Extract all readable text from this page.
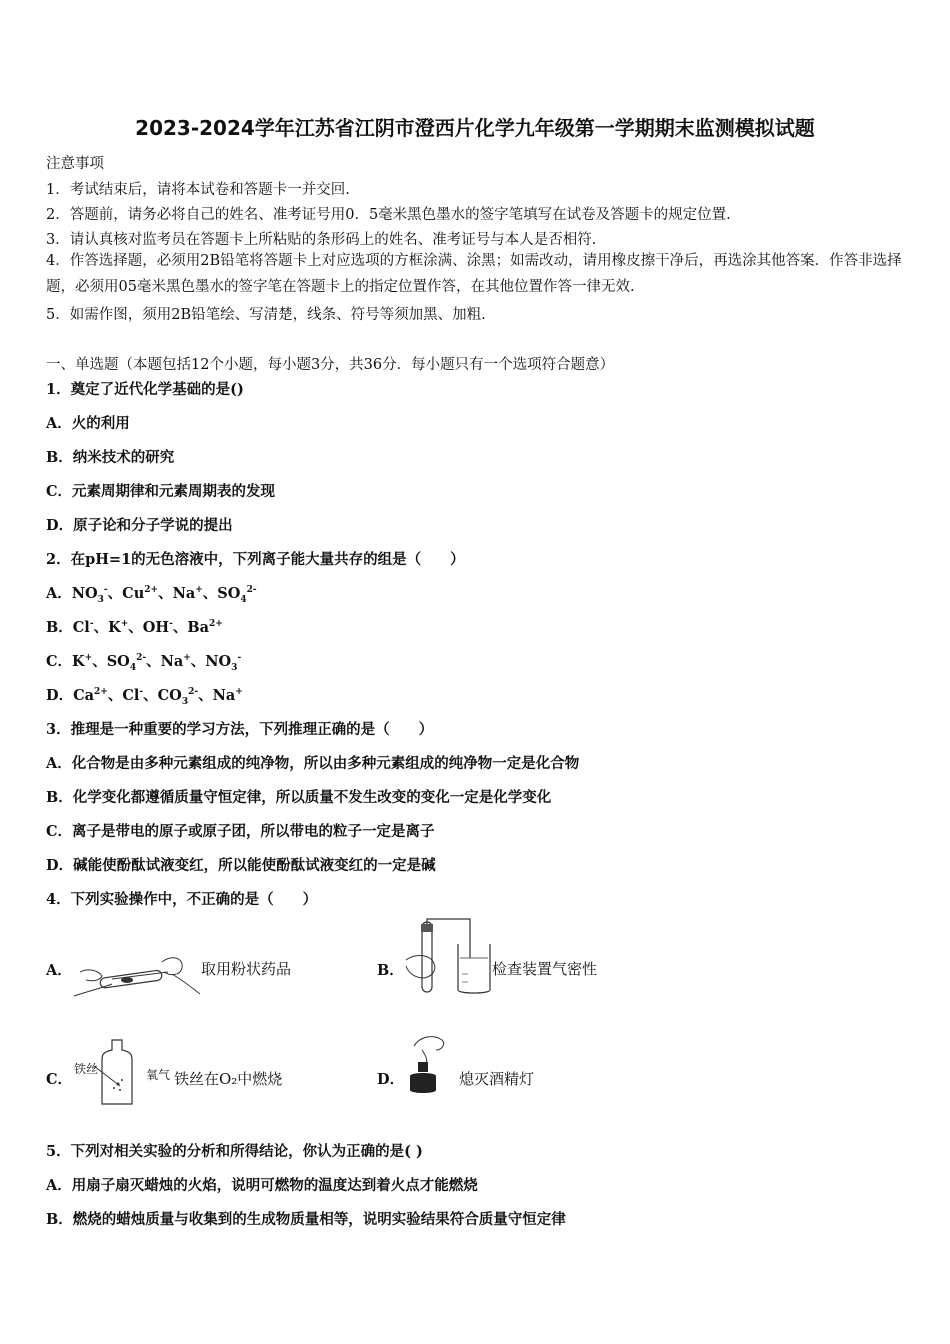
2023-2024学年江苏省江阴市澄西片化学九年级第一学期期末监测模拟试题
注意事项
1．考试结束后，请将本试卷和答题卡一并交回.
2．答题前，请务必将自己的姓名、准考证号用0．5毫米黑色墨水的签字笔填写在试卷及答题卡的规定位置.
3．请认真核对监考员在答题卡上所粘贴的条形码上的姓名、准考证号与本人是否相符.
4．作答选择题，必须用2B铅笔将答题卡上对应选项的方框涂满、涂黑；如需改动，请用橡皮擦干净后，再选涂其他答案．作答非选择题，必须用05毫米黑色墨水的签字笔在答题卡上的指定位置作答，在其他位置作答一律无效.
5．如需作图，须用2B铅笔绘、写清楚，线条、符号等须加黑、加粗.
一、单选题（本题包括12个小题，每小题3分，共36分．每小题只有一个选项符合题意）
1．奠定了近代化学基础的是()
A．火的利用
B．纳米技术的研究
C．元素周期律和元素周期表的发现
D．原子论和分子学说的提出
2．在pH=1的无色溶液中，下列离子能大量共存的组是（　　）
A．$NO_3^-$、$Cu^{2+}$、Na+、$SO_4^{2-}$
B．Cl-、K+、OH-、$Ba^{2+}$
C．K+、$SO_4^{2-}$、Na+、$NO_3^-$
D．$Ca^{2+}$、Cl-、$CO_3^{2-}$、Na+
3．推理是一种重要的学习方法，下列推理正确的是（　　）
A．化合物是由多种元素组成的纯净物，所以由多种元素组成的纯净物一定是化合物
B．化学变化都遵循质量守恒定律，所以质量不发生改变的变化一定是化学变化
C．离子是带电的原子或原子团，所以带电的粒子一定是离子
D．碱能使酚酞试液变红，所以能使酚酞试液变红的一定是碱
4．下列实验操作中，不正确的是（　　）
A．	取用粉状药品	B．	检查装置气密性
C．
铁丝	氧气 铁丝在O₂中燃烧	D．	熄灭酒精灯
5．下列对相关实验的分析和所得结论，你认为正确的是( )
A．用扇子扇灭蜡烛的火焰，说明可燃物的温度达到着火点才能燃烧
B．燃烧的蜡烛质量与收集到的生成物质量相等，说明实验结果符合质量守恒定律
